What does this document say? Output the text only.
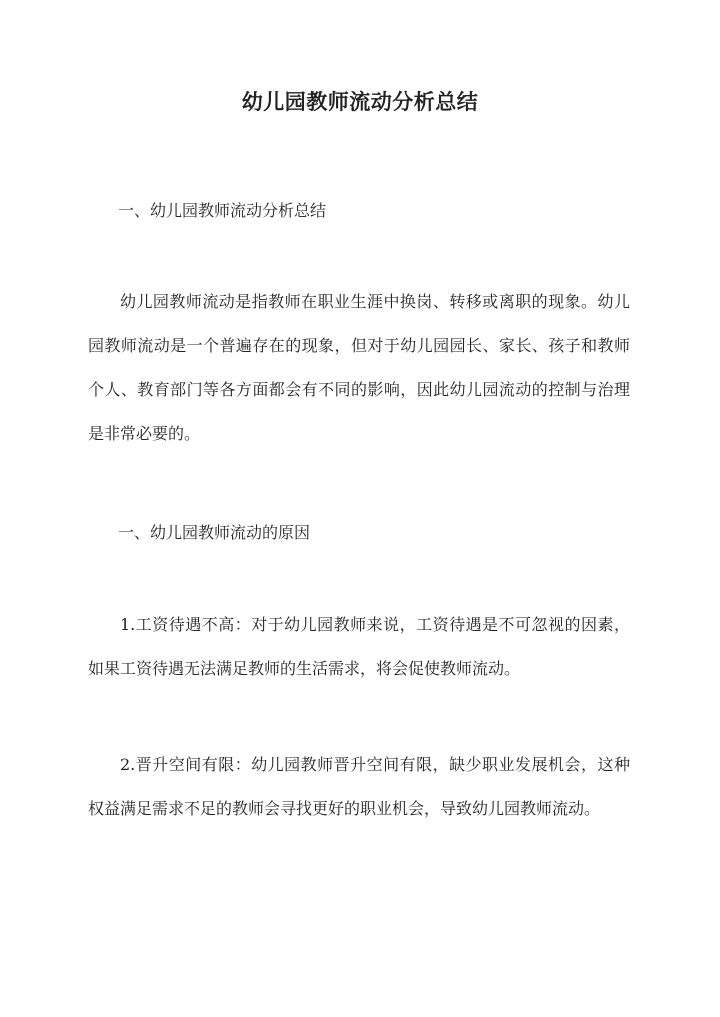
幼儿园教师流动分析总结

一、幼儿园教师流动分析总结

幼儿园教师流动是指教师在职业生涯中换岗、转移或离职的现象。幼儿园教师流动是一个普遍存在的现象，但对于幼儿园园长、家长、孩子和教师个人、教育部门等各方面都会有不同的影响，因此幼儿园流动的控制与治理是非常必要的。

一、幼儿园教师流动的原因

1.工资待遇不高：对于幼儿园教师来说，工资待遇是不可忽视的因素，如果工资待遇无法满足教师的生活需求，将会促使教师流动。

2.晋升空间有限：幼儿园教师晋升空间有限，缺少职业发展机会，这种权益满足需求不足的教师会寻找更好的职业机会，导致幼儿园教师流动。
